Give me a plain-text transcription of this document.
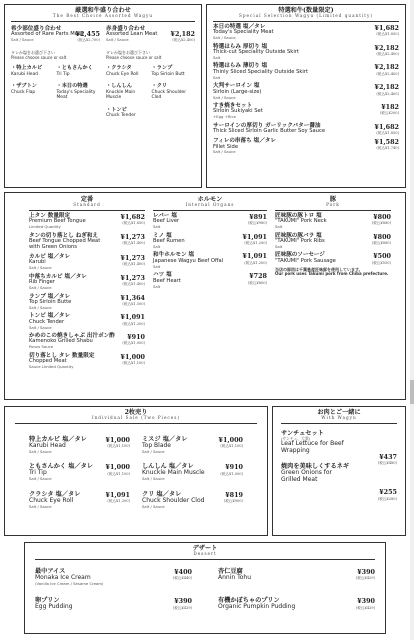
厳選和牛盛り合わせ
The Best Choice Assorted Wagyu
希少部位盛り合わせ
Assorted of Rare Parts Meat
Salt / Sauce
¥2,455
(税込¥2,700)
赤身盛り合わせ
Assorted Lean Meat
Salt / Sauce
¥2,182
(税込¥2,400)
タレか塩をお選び下さい
Please choose sauce or salt
・特上カルビ
Karubi Head
・ともさんかく
Tri Tip
・ザブトン
Chuck Flap
・本日の特選
Today's Speciality Meat
タレか塩をお選び下さい
Please choose sauce or salt
・クラシタ
Chuck Eye Roll
・ランプ
Top Sirloin Butt
・しんしん
Knuckle Main Muscle
・クリ
Chuck Shoulder Clod
・トンビ
Chuck Tender
特選和牛(数量限定)
Special Selection Wagyu (Limited quantity)
本日の特選 塩／タレ
Today's Speciality Meat
Salt / Sauce
¥1,682
(税込¥1,850)
特選はらみ 厚切り 塩
Thick-cut Speciality Outside Skirt
Salt
¥2,182
(税込¥2,400)
特選はらみ 薄切り 塩
Thinly Sliced Speciality Outside Skirt
Salt
¥2,182
(税込¥2,400)
大判サーロイン 塩
Sirloin (Large-size)
Salt / Sauce
¥2,182
(税込¥2,400)
すき焼きセット
Sirloin Sukiyaki Set
+Egg +Rice
¥182
(税込¥200)
サーロインの厚切り ガーリックバター醤油
Thick Sliced Sirloin Garlic Butter Soy Sauce
¥1,682
(税込¥1,850)
フィレの串落ち 塩／タレ
Fillet Side
Salt / Sauce
¥1,582
(税込¥1,740)
定番
Standard
上タン 数量限定
Premium Beef Tongue
Limited Quantity
¥1,682
(税込¥1,850)
タンの切り落とし ねぎ和え
Beef Tongue Chopped Meat with Green Onions
¥1,273
(税込¥1,400)
カルビ 塩／タレ
Karubi
Salt / Sauce
¥1,273
(税込¥1,400)
中落ちカルビ 塩／タレ
Rib Finger
Salt / Sauce
¥1,273
(税込¥1,400)
ランプ 塩／タレ
Top Sirloin Butte
Salt / Sauce
¥1,364
(税込¥1,500)
トンビ 塩／タレ
Chuck Tender
Salt / Sauce
¥1,091
(税込¥1,200)
かめのこの焼きしゃぶ 出汁ポン酢
Kamenoko Grilled Shabu
Ponzu Sauce
¥910
(税込¥1,000)
切り落とし タレ 数量限定
Chopped Meat
Sauce Limited Quantity
¥1,000
(税込¥1,100)
ホルモン
Internal Organs
レバー 塩
Beef Liver
Salt
¥891
(税込¥980)
ミノ 塩
Beef Rumen
Salt
¥1,091
(税込¥1,200)
和牛ホルモン 塩
Japanese Wagyu Beef Offal
Salt
¥1,091
(税込¥1,200)
ハツ 塩
Beef Heart
Salt
¥728
(税込¥800)
豚
Pork
匠味豚の豚トロ 塩
"TAKUMI" Pork Neck
Salt
¥800
(税込¥880)
匠味豚の豚バラ 塩
"TAKUMI" Pork Ribs
Salt
¥800
(税込¥880)
匠味豚のソーセージ
"TAKUMI" Pork Sausage
¥500
(税込¥550)
当店の豚肉は千葉県産匠味豚を使用しています。
Our pork uses Takumi pork from Chiba prefecture.
2枚売り
Individual Sale (Two Pieces)
特上カルビ 塩／タレ
Karubi Head
Salt / Sauce
¥1,000
(税込¥1,100)
ミスジ 塩／タレ
Top Blade
Salt / Sauce
¥1,000
(税込¥1,100)
ともさんかく 塩／タレ
Tri Tip
Salt / Sauce
¥1,000
(税込¥1,100)
しんしん 塩／タレ
Knuckle Main Muscle
Salt / Sauce
¥910
(税込¥1,000)
クラシタ 塩／タレ
Chuck Eye Roll
Salt / Sauce
¥1,091
(税込¥1,200)
クリ 塩／タレ
Chuck Shoulder Clod
Salt / Sauce
¥819
(税込¥900)
お肉とご一緒に
With Wagyu
サンチュセット
(サンチュ、大葉)
Leaf Lettuce for Beef Wrapping
¥437
(税込¥480)
焼肉を美味しくするネギ
Green Onions for Grilled Meat
¥255
(税込¥280)
デザート
Dessert
最中アイス
Monaka Ice Cream
(Vanilla Ice Cream / Sesame Cream)
¥400
(税込¥440)
杏仁豆腐
Annin Tohu
¥390
(税込¥429)
卵プリン
Egg Pudding
¥390
(税込¥429)
有機かぼちゃのプリン
Organic Pumpkin Pudding
¥390
(税込¥429)
